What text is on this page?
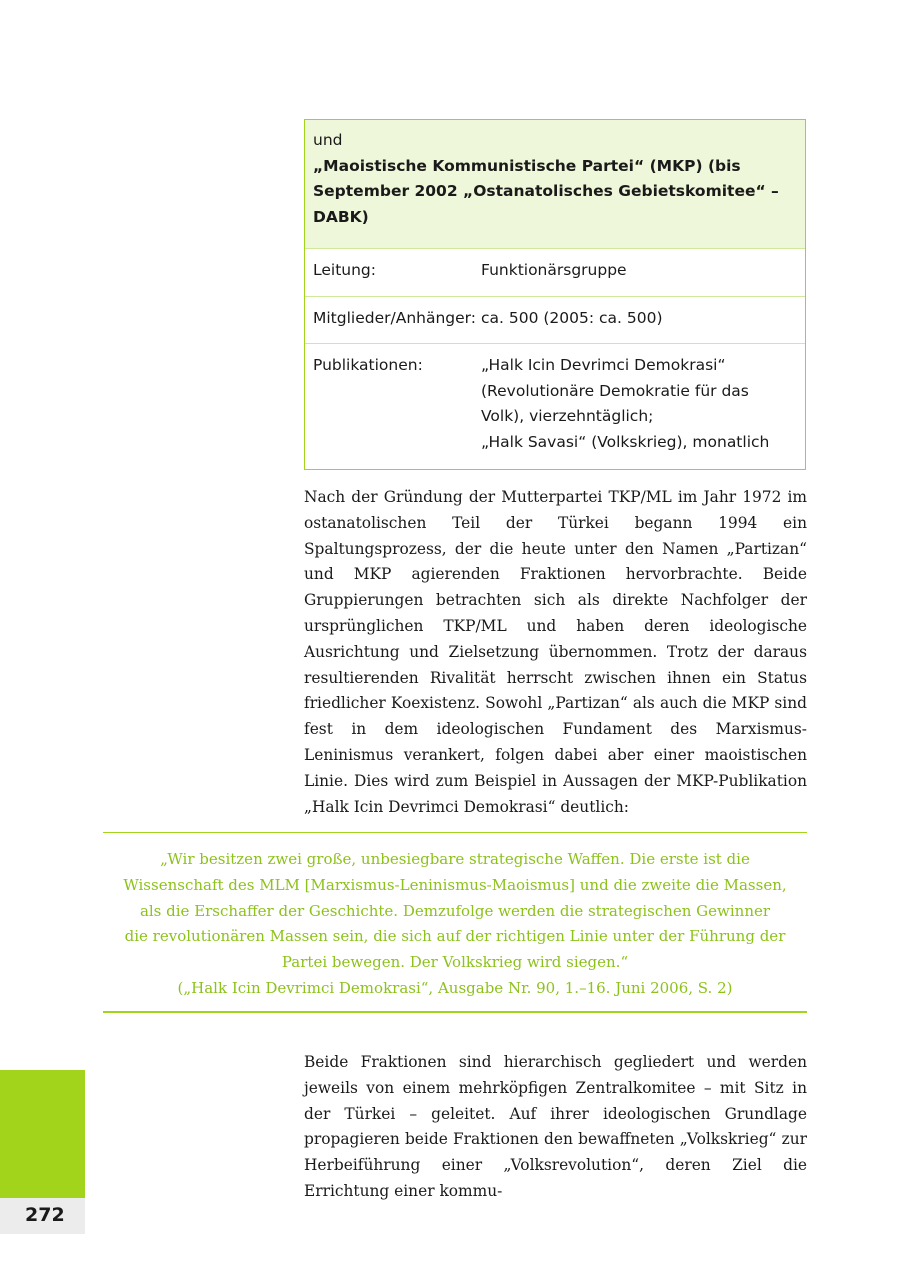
und
„Maoistische Kommunistische Partei“ (MKP) (bis
September 2002 „Ostanatolisches Gebietskomitee“ – DABK)
Leitung:	Funktionärsgruppe
Mitglieder/Anhänger: ca. 500 (2005: ca. 500)
Publikationen:	„Halk Icin Devrimci Demokrasi“
(Revolutionäre Demokratie für das
Volk), vierzehntäglich;
„Halk Savasi“ (Volkskrieg), monatlich

Nach der Gründung der Mutterpartei TKP/ML im Jahr 1972 im ostanatolischen Teil der Türkei begann 1994 ein Spaltungsprozess, der die heute unter den Namen „Partizan“ und MKP agierenden Fraktionen hervorbrachte. Beide Gruppierungen betrachten sich als direkte Nachfolger der ursprünglichen TKP/ML und haben deren ideologische Ausrichtung und Zielsetzung übernommen. Trotz der daraus resultierenden Rivalität herrscht zwischen ihnen ein Status friedlicher Koexistenz. Sowohl „Partizan“ als auch die MKP sind fest in dem ideologischen Fundament des Marxismus-Leninismus verankert, folgen dabei aber einer maoistischen Linie. Dies wird zum Beispiel in Aussagen der MKP-Publikation „Halk Icin Devrimci Demokrasi“ deutlich:

„Wir besitzen zwei große, unbesiegbare strategische Waffen. Die erste ist die
Wissenschaft des MLM [Marxismus-Leninismus-Maoismus] und die zweite die Massen,
als die Erschaffer der Geschichte. Demzufolge werden die strategischen Gewinner
die revolutionären Massen sein, die sich auf der richtigen Linie unter der Führung der
Partei bewegen. Der Volkskrieg wird siegen.“
(„Halk Icin Devrimci Demokrasi“, Ausgabe Nr. 90, 1.–16. Juni 2006, S. 2)

Beide Fraktionen sind hierarchisch gegliedert und werden jeweils von einem mehrköpfigen Zentralkomitee – mit Sitz in der Türkei – geleitet. Auf ihrer ideologischen Grundlage propagieren beide Fraktionen den bewaffneten „Volkskrieg“ zur Herbeiführung einer „Volksrevolution“, deren Ziel die Errichtung einer kommu-

272
